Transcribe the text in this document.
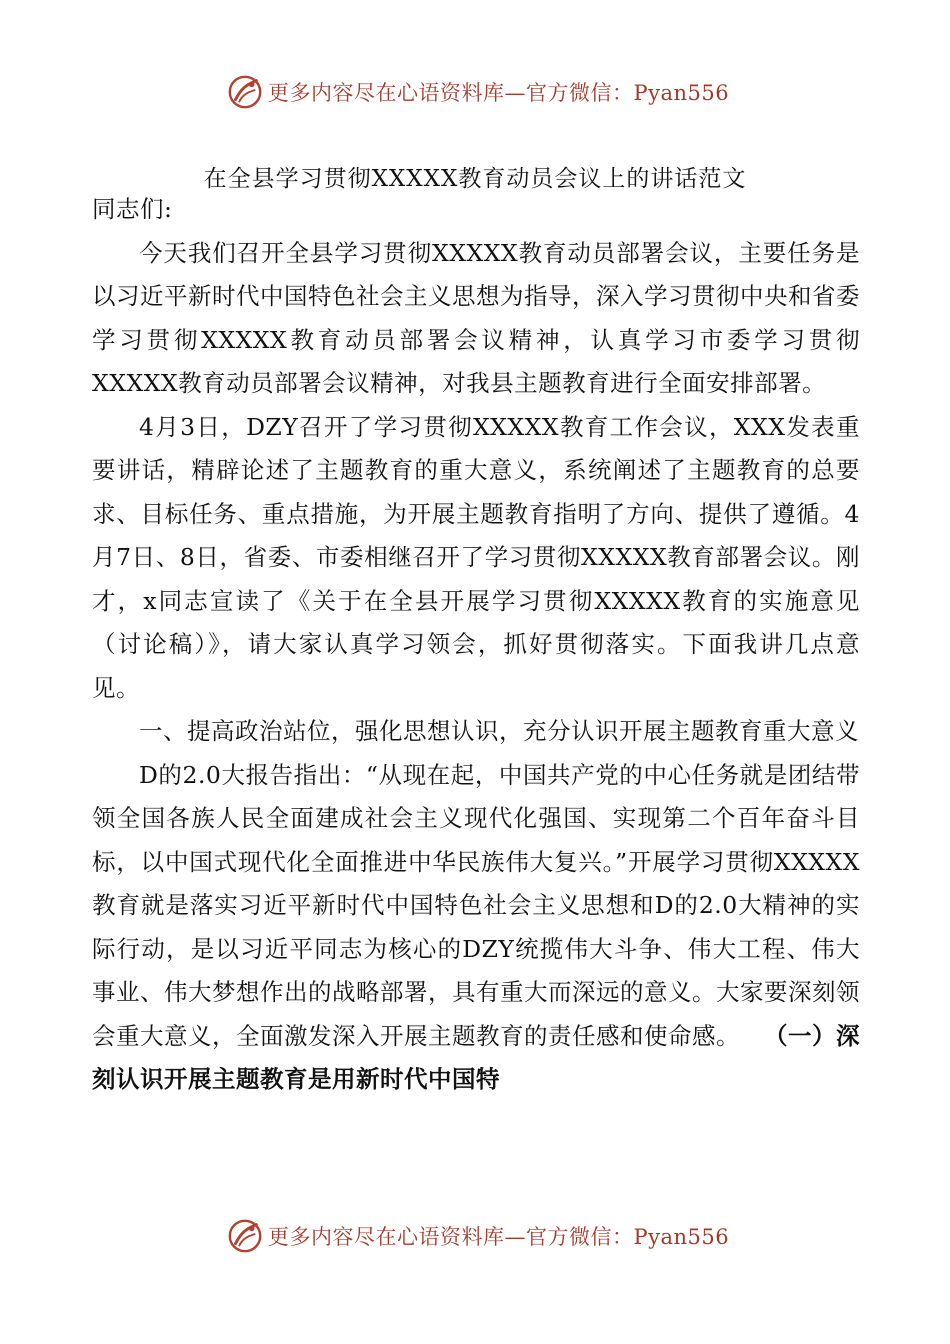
更多内容尽在心语资料库—官方微信：Pyan556
在全县学习贯彻XXXXX教育动员会议上的讲话范文

同志们:

今天我们召开全县学习贯彻XXXXX教育动员部署会议，主要任务是以习近平新时代中国特色社会主义思想为指导，深入学习贯彻中央和省委学习贯彻XXXXX教育动员部署会议精神，认真学习市委学习贯彻XXXXX教育动员部署会议精神，对我县主题教育进行全面安排部署。

4月3日，DZY召开了学习贯彻XXXXX教育工作会议，XXX发表重要讲话，精辟论述了主题教育的重大意义，系统阐述了主题教育的总要求、目标任务、重点措施，为开展主题教育指明了方向、提供了遵循。4月7日、8日，省委、市委相继召开了学习贯彻XXXXX教育部署会议。刚才，x同志宣读了《关于在全县开展学习贯彻XXXXX教育的实施意见（讨论稿）》，请大家认真学习领会，抓好贯彻落实。下面我讲几点意见。

一、提高政治站位，强化思想认识，充分认识开展主题教育重大意义

D的2.0大报告指出：“从现在起，中国共产党的中心任务就是团结带领全国各族人民全面建成社会主义现代化强国、实现第二个百年奋斗目标，以中国式现代化全面推进中华民族伟大复兴。”开展学习贯彻XXXXX教育就是落实习近平新时代中国特色社会主义思想和D的2.0大精神的实际行动，是以习近平同志为核心的DZY统揽伟大斗争、伟大工程、伟大事业、伟大梦想作出的战略部署，具有重大而深远的意义。大家要深刻领会重大意义，全面激发深入开展主题教育的责任感和使命感。 （一）深刻认识开展主题教育是用新时代中国特

更多内容尽在心语资料库—官方微信：Pyan556
